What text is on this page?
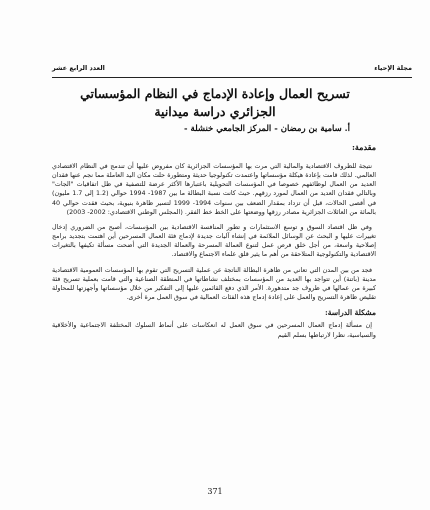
مجلة الإحياء
العدد الرابع عشر
تسريح العمال وإعادة الإدماج في النظام المؤسساتي
الجزائري دراسة ميدانية
أ. سامية بن رمضان - المركز الجامعي خنشلة -
مقدمة:

نتيجة للظروف الاقتصادية والمالية التي مرت بها المؤسسات الجزائرية كان مفروض عليها أن تندمج في النظام الاقتصادي العالمي. لذلك قامت بإعادة هيكلة مؤسساتها واعتمدت تكنولوجيا حديثة ومتطورة حلت مكان اليد العاملة مما نجم عنها فقدان العديد من العمال لوظائفهم خصوصا في المؤسسات التحويلية باعتبارها الأكثر عرضة للتصفية في ظل اتفاقيات "الجات" وبالتالي فقدان العديد من العمال لمورد رزقهم. حيث كانت نسبة البطالة ما بين 1987- 1994 حوالي (1.2 إلى 1.7 مليون) في أقصى الحالات، قبل أن تزداد بمقدار الضعف بين سنوات 1994- 1999 لتسير ظاهرة بنيوية، بحيث فقدت حوالي 40 بالمائة من العائلات الجزائرية مصادر رزقها ووضعتها على الخط خط الفقر. (المجلس الوطني الاقتصادي: 2002- 2003)

وفي ظل اقتصاد السوق و توسع الاستثمارات و تطور المنافسة الاقتصادية بين المؤسسات، أصبح من الضروري إدخال تغييرات عليها و البحث عن الوسائل الملائمة في إنشاء آليات جديدة لإدماج فئة العمال المسرحين أين اهتمت بتجديد برامج إصلاحية واسعة، من أجل خلق فرص عمل لتنوع العمالة المسرحة والعمالة الجديدة التي أضحت مسألة تكيفها بالتغيرات الاقتصادية والتكنولوجية المتلاحقة من أهم ما يثير قلق علماء الاجتماع والاقتصاد.

فجد من بين المدن التي تعاني من ظاهرة البطالة الناتجة عن عملية التسريح التي تقوم بها المؤسسات العمومية الاقتصادية مدينة (باتنة) أين تتواجد بها العديد من المؤسسات بمختلف نشاطاتها في المنطقة الصناعية والتي قامت بعملية تسريح فئة كبيرة من عمالها في ظروف جد متدهورة. الأمر الذي دفع القائمين عليها إلى التفكير من خلال مؤسساتها وأجهزتها للمحاولة تقليص ظاهرة التسريح والعمل على إعادة إدماج هذه الفئات العمالية في سوق العمل مرة أخرى.

مشكلة الدراسة:

إن مسألة إدماج العمال المسرحين في سوق العمل له انعكاسات على أنماط السلوك المختلفة الاجتماعية والأخلاقية والسياسية، نظرا لارتباطها بسلم القيم

371
